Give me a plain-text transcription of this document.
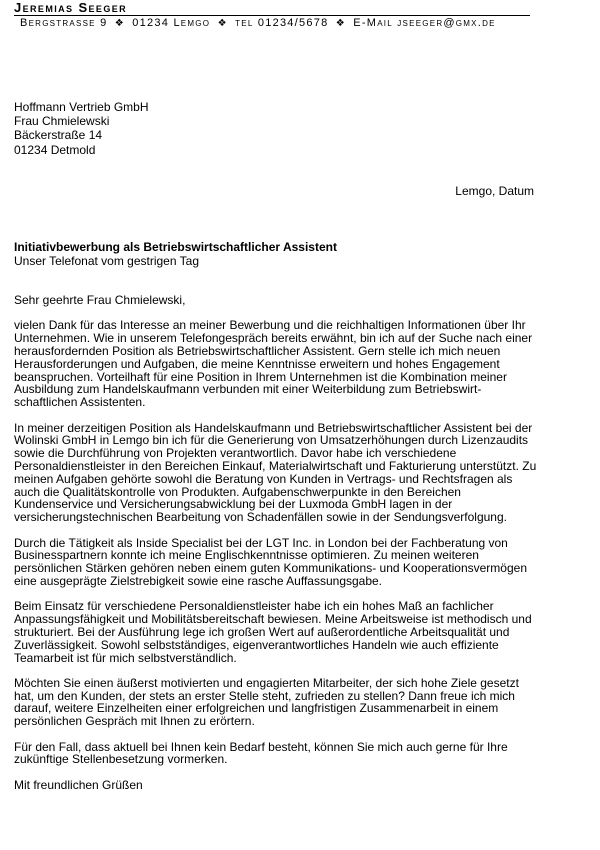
Jeremias Seeger
Bergstrasse 9 ❖ 01234 Lemgo ❖ tel 01234/5678 ❖ E-Mail jseeger@gmx.de
Hoffmann Vertrieb GmbH
Frau Chmielewski
Bäckerstraße 14
01234 Detmold
Lemgo, Datum
Initiativbewerbung als Betriebswirtschaftlicher Assistent
Unser Telefonat vom gestrigen Tag

Sehr geehrte Frau Chmielewski,

vielen Dank für das Interesse an meiner Bewerbung und die reichhaltigen Informationen über Ihr Unternehmen. Wie in unserem Telefongespräch bereits erwähnt, bin ich auf der Suche nach einer herausfordernden Position als Betriebswirtschaftlicher Assistent. Gern stelle ich mich neuen Herausforderungen und Aufgaben, die meine Kenntnisse erweitern und hohes Engagement beanspruchen. Vorteilhaft für eine Position in Ihrem Unternehmen ist die Kombination meiner Ausbildung zum Handelskaufmann verbunden mit einer Weiterbildung zum Betriebswirt-schaftlichen Assistenten.

In meiner derzeitigen Position als Handelskaufmann und Betriebswirtschaftlicher Assistent bei der Wolinski GmbH in Lemgo bin ich für die Generierung von Umsatzerhöhungen durch Lizenzaudits sowie die Durchführung von Projekten verantwortlich. Davor habe ich verschiedene Personaldienstleister in den Bereichen Einkauf, Materialwirtschaft und Fakturierung unterstützt. Zu meinen Aufgaben gehörte sowohl die Beratung von Kunden in Vertrags- und Rechtsfragen als auch die Qualitätskontrolle von Produkten. Aufgabenschwerpunkte in den Bereichen Kundenservice und Versicherungsabwicklung bei der Luxmoda GmbH lagen in der versicherungstechnischen Bearbeitung von Schadenfällen sowie in der Sendungsverfolgung.

Durch die Tätigkeit als Inside Specialist bei der LGT Inc. in London bei der Fachberatung von Businesspartnern konnte ich meine Englischkenntnisse optimieren. Zu meinen weiteren persönlichen Stärken gehören neben einem guten Kommunikations- und Kooperationsvermögen eine ausgeprägte Zielstrebigkeit sowie eine rasche Auffassungsgabe.

Beim Einsatz für verschiedene Personaldienstleister habe ich ein hohes Maß an fachlicher Anpassungsfähigkeit und Mobilitätsbereitschaft bewiesen. Meine Arbeitsweise ist methodisch und strukturiert. Bei der Ausführung lege ich großen Wert auf außerordentliche Arbeitsqualität und Zuverlässigkeit. Sowohl selbstständiges, eigenverantwortliches Handeln wie auch effiziente Teamarbeit ist für mich selbstverständlich.

Möchten Sie einen äußerst motivierten und engagierten Mitarbeiter, der sich hohe Ziele gesetzt hat, um den Kunden, der stets an erster Stelle steht, zufrieden zu stellen? Dann freue ich mich darauf, weitere Einzelheiten einer erfolgreichen und langfristigen Zusammenarbeit in einem persönlichen Gespräch mit Ihnen zu erörtern.

Für den Fall, dass aktuell bei Ihnen kein Bedarf besteht, können Sie mich auch gerne für Ihre zukünftige Stellenbesetzung vormerken.

Mit freundlichen Grüßen
